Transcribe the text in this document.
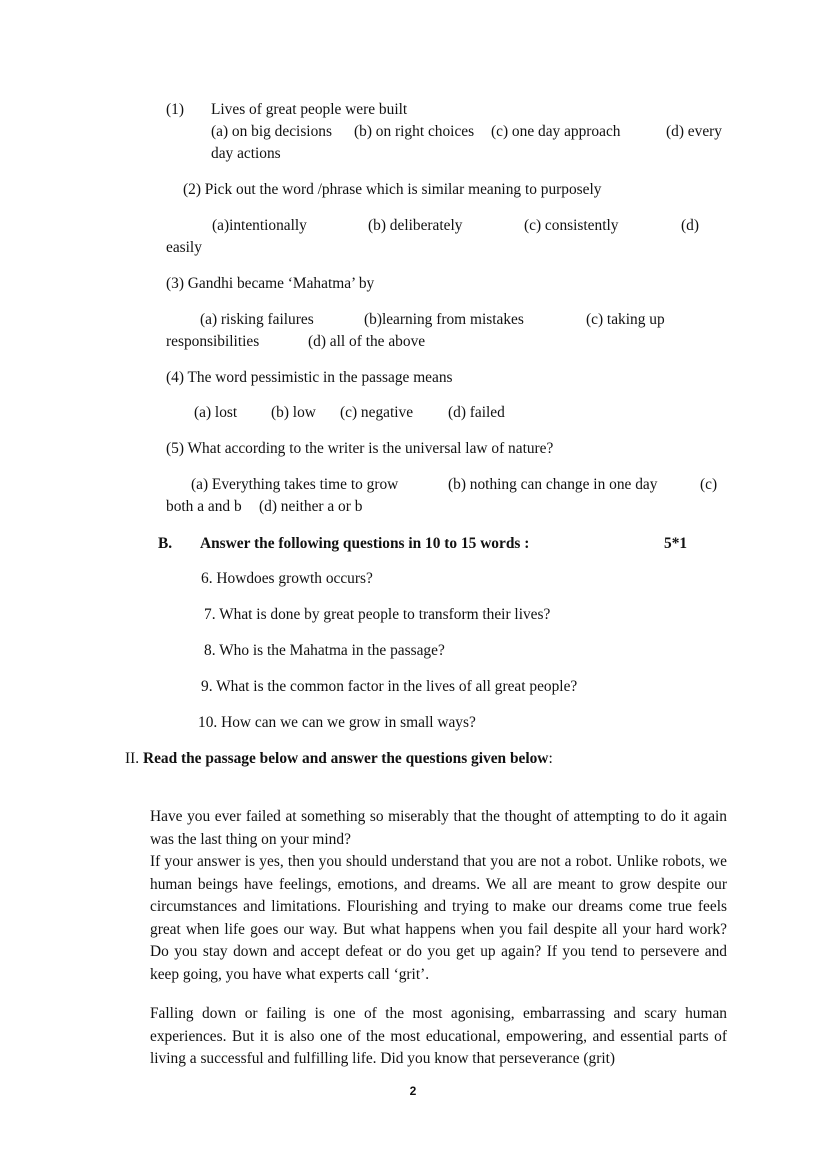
(1) Lives of great people were built
(a) on big decisions (b) on right choices (c) one day approach	(d) every
day actions
(2) Pick out the word /phrase which is similar meaning to purposely
(a)intentionally	(b) deliberately	(c) consistently	(d)
easily
(3) Gandhi became ‘Mahatma’ by
(a) risking failures	(b)learning from mistakes	(c) taking up
responsibilities	(d) all of the above
(4) The word pessimistic in the passage means
(a) lost (b) low (c) negative (d) failed
(5) What according to the writer is the universal law of nature?
(a) Everything takes time to grow	(b) nothing can change in one day	(c)
both a and b (d) neither a or b
B. Answer the following questions in 10 to 15 words :	5*1
6. Howdoes growth occurs?
7. What is done by great people to transform their lives?
8. Who is the Mahatma in the passage?
9. What is the common factor in the lives of all great people?
10. How can we can we grow in small ways?
II. Read the passage below and answer the questions given below:

Have you ever failed at something so miserably that the thought of attempting to do it again was the last thing on your mind?

If your answer is yes, then you should understand that you are not a robot. Unlike robots, we human beings have feelings, emotions, and dreams. We all are meant to grow despite our circumstances and limitations. Flourishing and trying to make our dreams come true feels great when life goes our way. But what happens when you fail despite all your hard work? Do you stay down and accept defeat or do you get up again? If you tend to persevere and keep going, you have what experts call ‘grit’.

Falling down or failing is one of the most agonising, embarrassing and scary human experiences. But it is also one of the most educational, empowering, and essential parts of living a successful and fulfilling life. Did you know that perseverance (grit)

2
